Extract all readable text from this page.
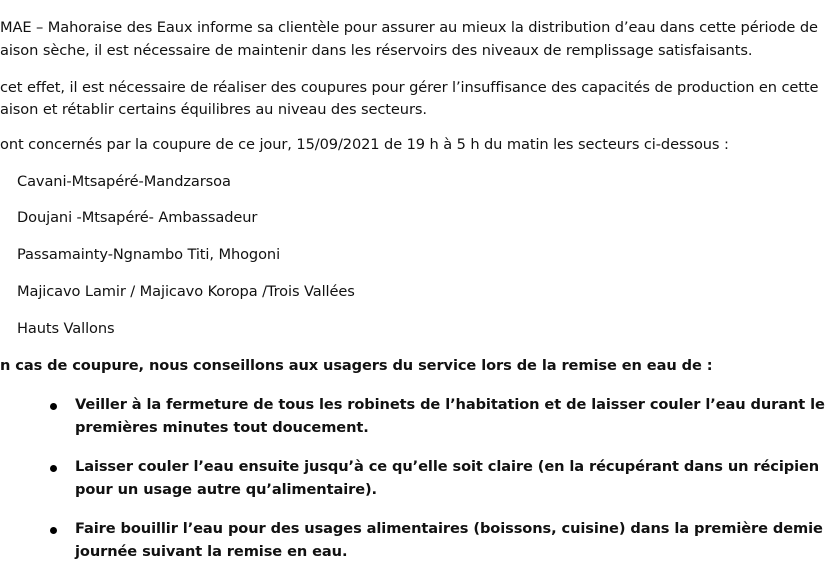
MAE – Mahoraise des Eaux informe sa clientèle pour assurer au mieux la distribution d’eau dans cette période de
aison sèche, il est nécessaire de maintenir dans les réservoirs des niveaux de remplissage satisfaisants.
cet effet, il est nécessaire de réaliser des coupures pour gérer l’insuffisance des capacités de production en cette
aison et rétablir certains équilibres au niveau des secteurs.
ont concernés par la coupure de ce jour, 15/09/2021 de 19 h à 5 h du matin les secteurs ci-dessous :
Cavani-Mtsapéré-Mandzarsoa
Doujani -Mtsapéré- Ambassadeur
Passamainty-Ngnambo Titi, Mhogoni
Majicavo Lamir / Majicavo Koropa /Trois Vallées
Hauts Vallons
n cas de coupure, nous conseillons aux usagers du service lors de la remise en eau de :
Veiller à la fermeture de tous les robinets de l’habitation et de laisser couler l’eau durant le
premières minutes tout doucement.
Laisser couler l’eau ensuite jusqu’à ce qu’elle soit claire (en la récupérant dans un récipien
pour un usage autre qu’alimentaire).
Faire bouillir l’eau pour des usages alimentaires (boissons, cuisine) dans la première demie
journée suivant la remise en eau.
